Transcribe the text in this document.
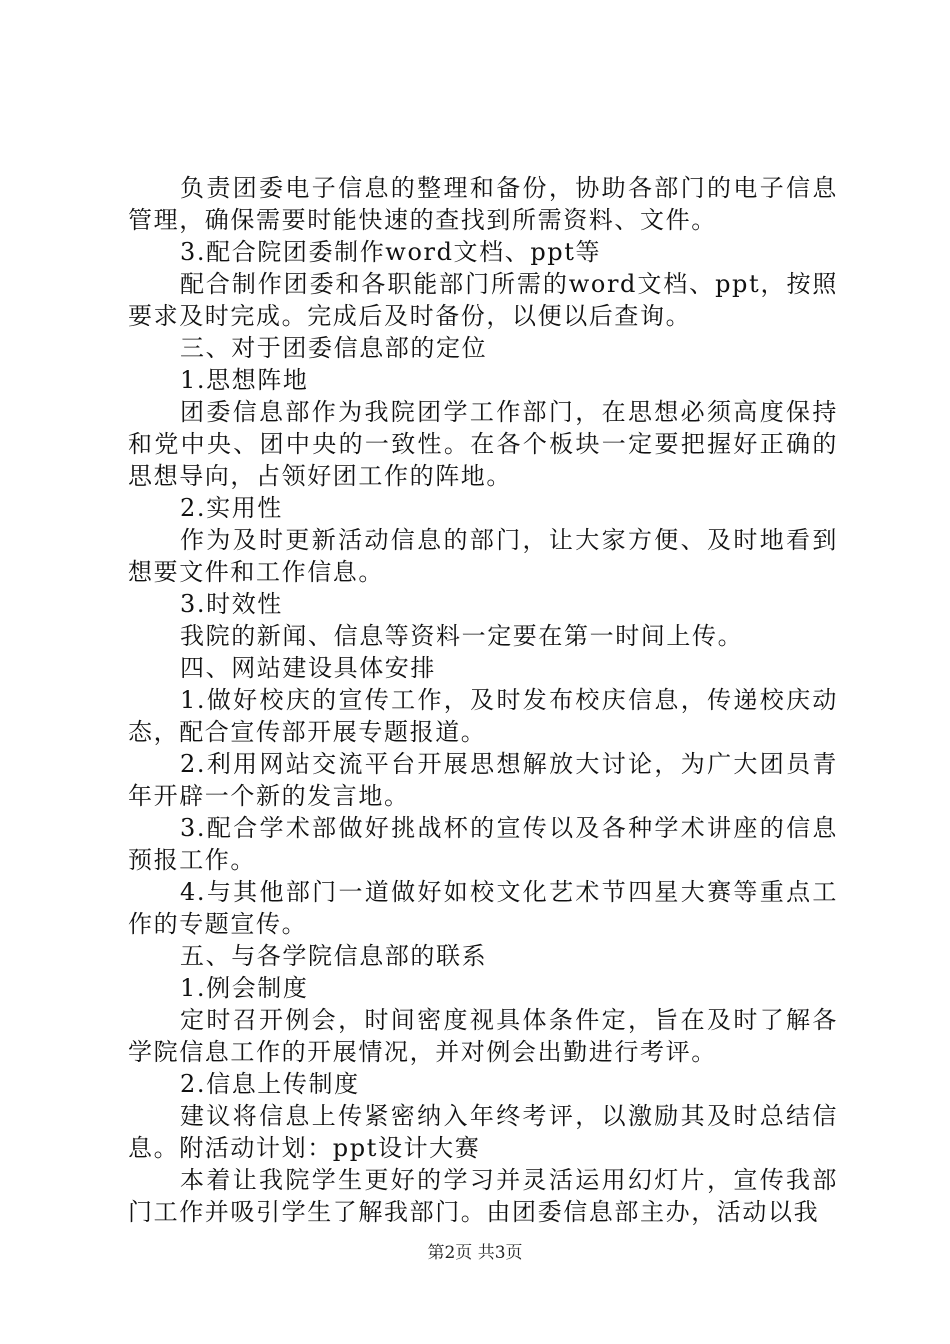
负责团委电子信息的整理和备份，协助各部门的电子信息管理，确保需要时能快速的查找到所需资料、文件。

3.配合院团委制作word文档、ppt等

配合制作团委和各职能部门所需的word文档、ppt，按照要求及时完成。完成后及时备份，以便以后查询。

三、对于团委信息部的定位

1.思想阵地

团委信息部作为我院团学工作部门，在思想必须高度保持和党中央、团中央的一致性。在各个板块一定要把握好正确的思想导向，占领好团工作的阵地。

2.实用性

作为及时更新活动信息的部门，让大家方便、及时地看到想要文件和工作信息。

3.时效性

我院的新闻、信息等资料一定要在第一时间上传。

四、网站建设具体安排

1.做好校庆的宣传工作，及时发布校庆信息，传递校庆动态，配合宣传部开展专题报道。

2.利用网站交流平台开展思想解放大讨论，为广大团员青年开辟一个新的发言地。

3.配合学术部做好挑战杯的宣传以及各种学术讲座的信息预报工作。

4.与其他部门一道做好如校文化艺术节四星大赛等重点工作的专题宣传。

五、与各学院信息部的联系

1.例会制度

定时召开例会，时间密度视具体条件定，旨在及时了解各学院信息工作的开展情况，并对例会出勤进行考评。

2.信息上传制度

建议将信息上传紧密纳入年终考评，以激励其及时总结信息。附活动计划：ppt设计大赛

本着让我院学生更好的学习并灵活运用幻灯片，宣传我部门工作并吸引学生了解我部门。由团委信息部主办，活动以我

第2页 共3页
